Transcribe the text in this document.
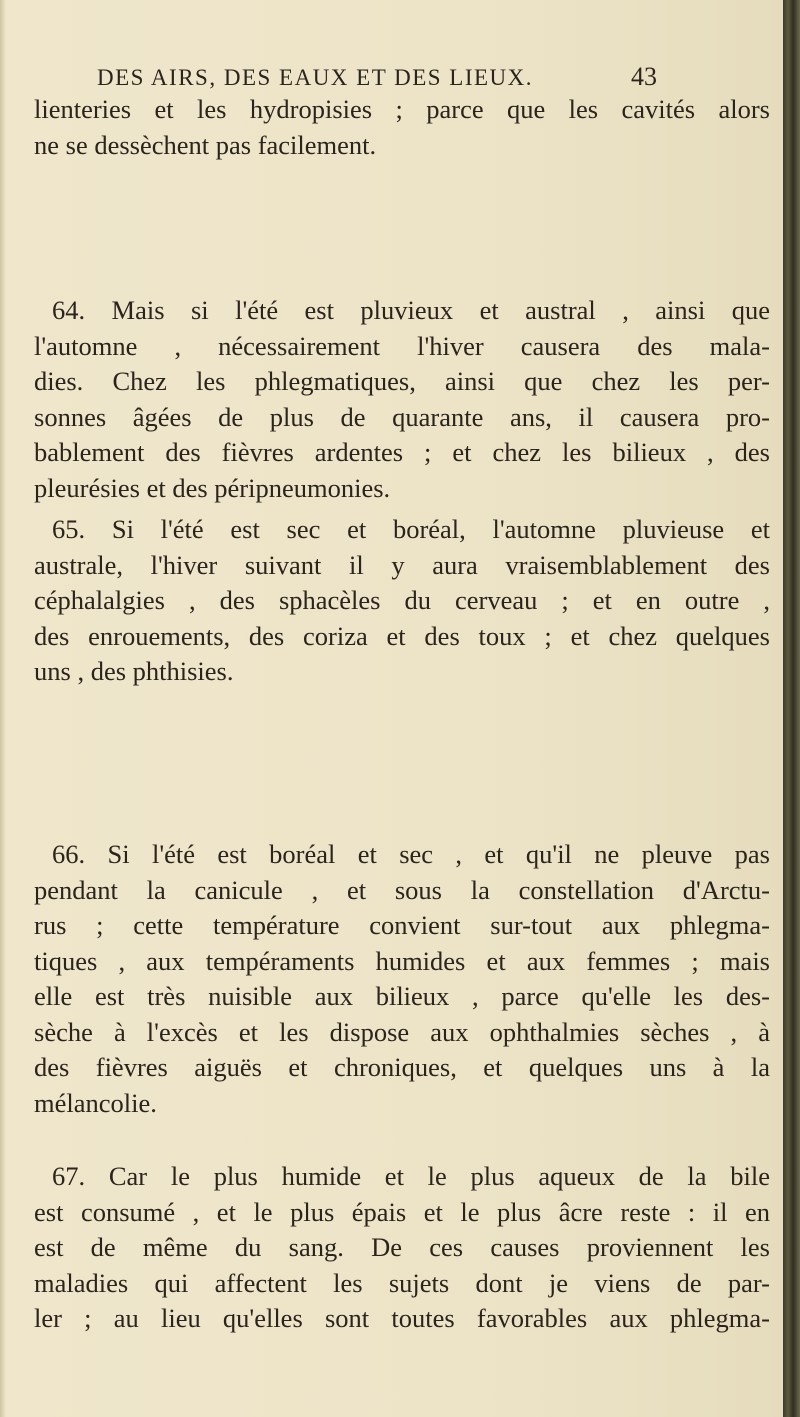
DES AIRS, DES EAUX ET DES LIEUX.	43

lienteries et les hydropisies ; parce que les cavités alors
ne se dessèchent pas facilement.

64. Mais si l'été est pluvieux et austral , ainsi que
l'automne , nécessairement l'hiver causera des mala-
dies. Chez les phlegmatiques, ainsi que chez les per-
sonnes âgées de plus de quarante ans, il causera pro-
bablement des fièvres ardentes ; et chez les bilieux , des
pleurésies et des péripneumonies.

65. Si l'été est sec et boréal, l'automne pluvieuse et
australe, l'hiver suivant il y aura vraisemblablement des
céphalalgies , des sphacèles du cerveau ; et en outre ,
des enrouements, des coriza et des toux ; et chez quelques
uns , des phthisies.

66. Si l'été est boréal et sec , et qu'il ne pleuve pas
pendant la canicule , et sous la constellation d'Arctu-
rus ; cette température convient sur-tout aux phlegma-
tiques , aux tempéraments humides et aux femmes ; mais
elle est très nuisible aux bilieux , parce qu'elle les des-
sèche à l'excès et les dispose aux ophthalmies sèches , à
des fièvres aiguës et chroniques, et quelques uns à la
mélancolie.

67. Car le plus humide et le plus aqueux de la bile
est consumé , et le plus épais et le plus âcre reste : il en
est de même du sang. De ces causes proviennent les
maladies qui affectent les sujets dont je viens de par-
ler ; au lieu qu'elles sont toutes favorables aux phlegma-
